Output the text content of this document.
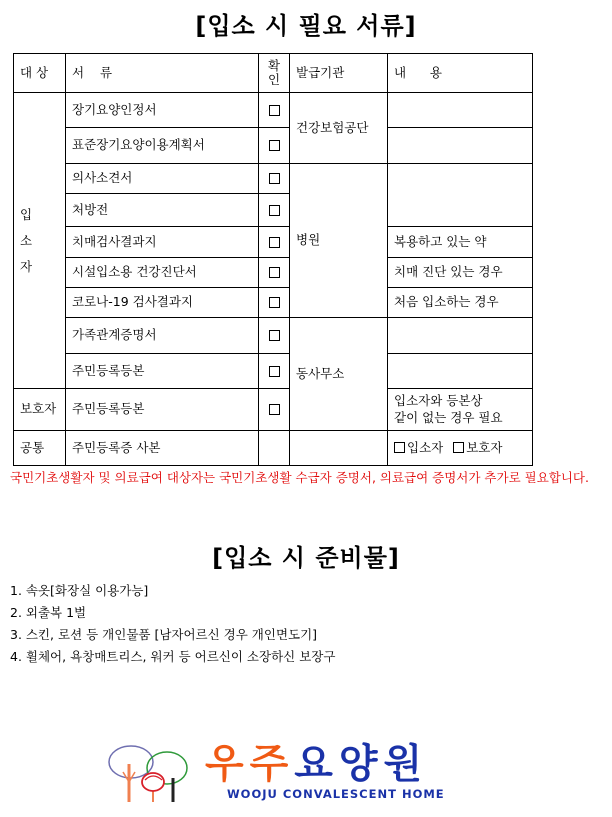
[입소 시 필요 서류]
대 상	서    류	확인	발급기관	내      용

입
소
자	장기요양인정서		건강보험공단	
	표준장기요양이용계획서			
	의사소견서		병원	
	처방전			
	치매검사결과지			복용하고 있는 약
	시설입소용 건강진단서			치매 진단 있는 경우
	코로나-19 검사결과지			처음 입소하는 경우
	가족관계증명서		동사무소	
	주민등록등본			
보호자	주민등록등본			입소자와 등본상
같이 없는 경우 필요

공통	주민등록증 사본			입소자 보호자
국민기초생활자 및 의료급여 대상자는 국민기초생활 수급자 증명서, 의료급여 증명서가 추가로 필요합니다.
[입소 시 준비물]
1. 속옷[화장실 이용가능]
2. 외출복 1벌
3. 스킨, 로션 등 개인물품 [남자어르신 경우 개인면도기]
4. 휠체어, 욕창매트리스, 워커 등 어르신이 소장하신 보장구
우주요양원
WOOJU CONVALESCENT HOME
